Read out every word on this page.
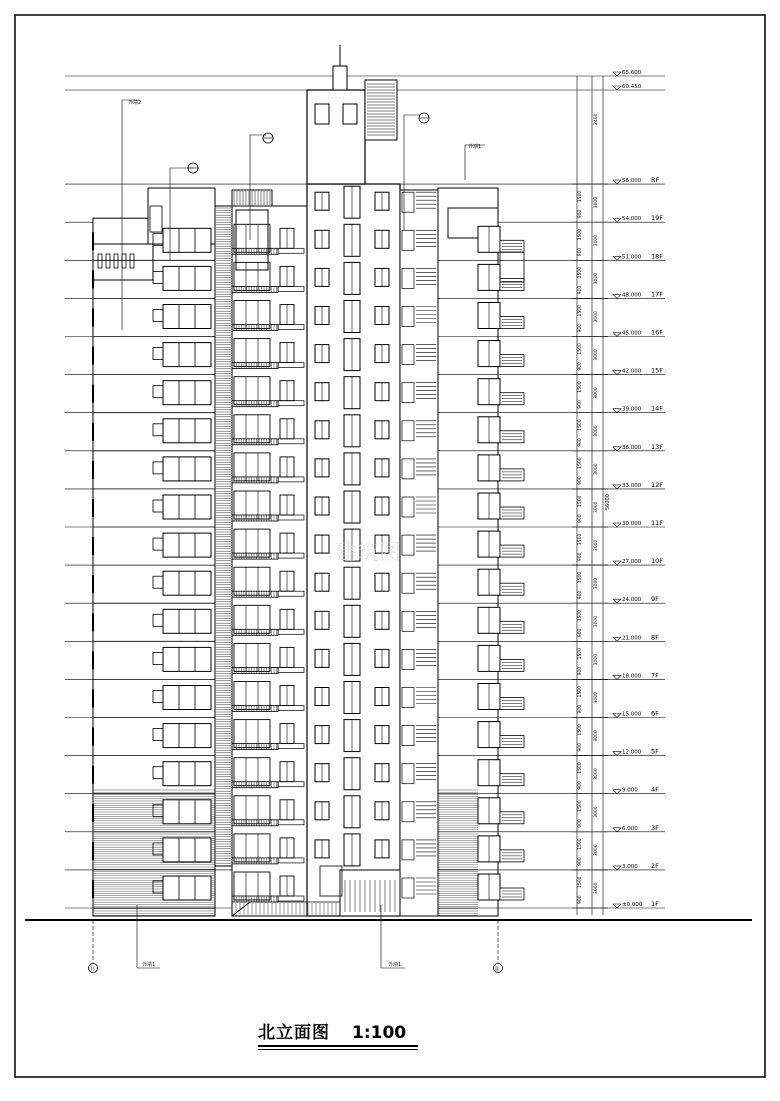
±0.000 1F
3.000 2F
6.000 3F
9.000 4F
12.000 5F
15.000 6F
18.000 7F
21.000 8F
24.000 9F
27.000 10F
30.000 11F
33.000 12F
36.000 13F
39.000 14F
42.000 15F
45.000 16F
48.000 17F
51.000 18F
54.000 19F
56.000 RF
60.450
65.600
3000
900
1500
3000
900
1500
3000
900
1500
3000
900
1500
3000
900
1500
3000
900
1500
3000
900
1500
3000
900
1500
3000
900
1500
3000
900
1500
3000
900
1500
3000
900
1500
3000
900
1500
3000
900
1500
3000
900
1500
3000
900
1500
3000
900
1500
3000
900
1500
3000
900
1500
56000
2400
外墙2
外墙1
外墙1	外墙1
⑪	①
建筑图
北立面图 1:100
